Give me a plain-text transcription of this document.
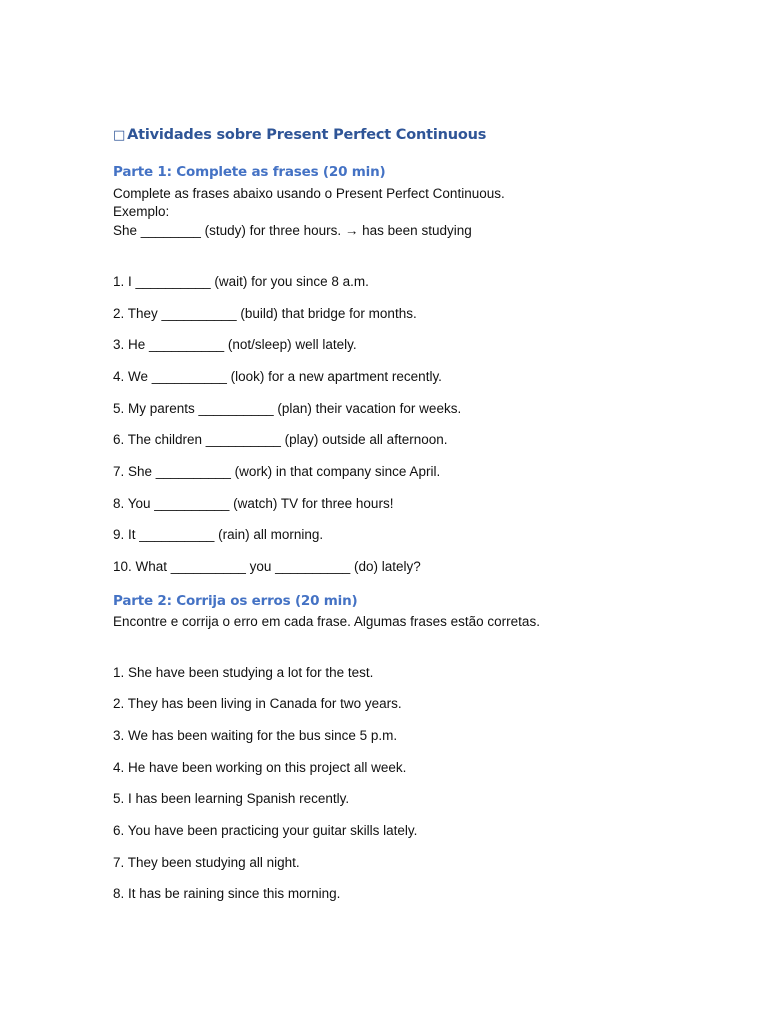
□ Atividades sobre Present Perfect Continuous
Parte 1: Complete as frases (20 min)

Complete as frases abaixo usando o Present Perfect Continuous.

Exemplo:

She ________ (study) for three hours. → has been studying

1. I __________ (wait) for you since 8 a.m.

2. They __________ (build) that bridge for months.

3. He __________ (not/sleep) well lately.

4. We __________ (look) for a new apartment recently.

5. My parents __________ (plan) their vacation for weeks.

6. The children __________ (play) outside all afternoon.

7. She __________ (work) in that company since April.

8. You __________ (watch) TV for three hours!

9. It __________ (rain) all morning.

10. What __________ you __________ (do) lately?

Parte 2: Corrija os erros (20 min)

Encontre e corrija o erro em cada frase. Algumas frases estão corretas.

1. She have been studying a lot for the test.

2. They has been living in Canada for two years.

3. We has been waiting for the bus since 5 p.m.

4. He have been working on this project all week.

5. I has been learning Spanish recently.

6. You have been practicing your guitar skills lately.

7. They been studying all night.

8. It has be raining since this morning.
